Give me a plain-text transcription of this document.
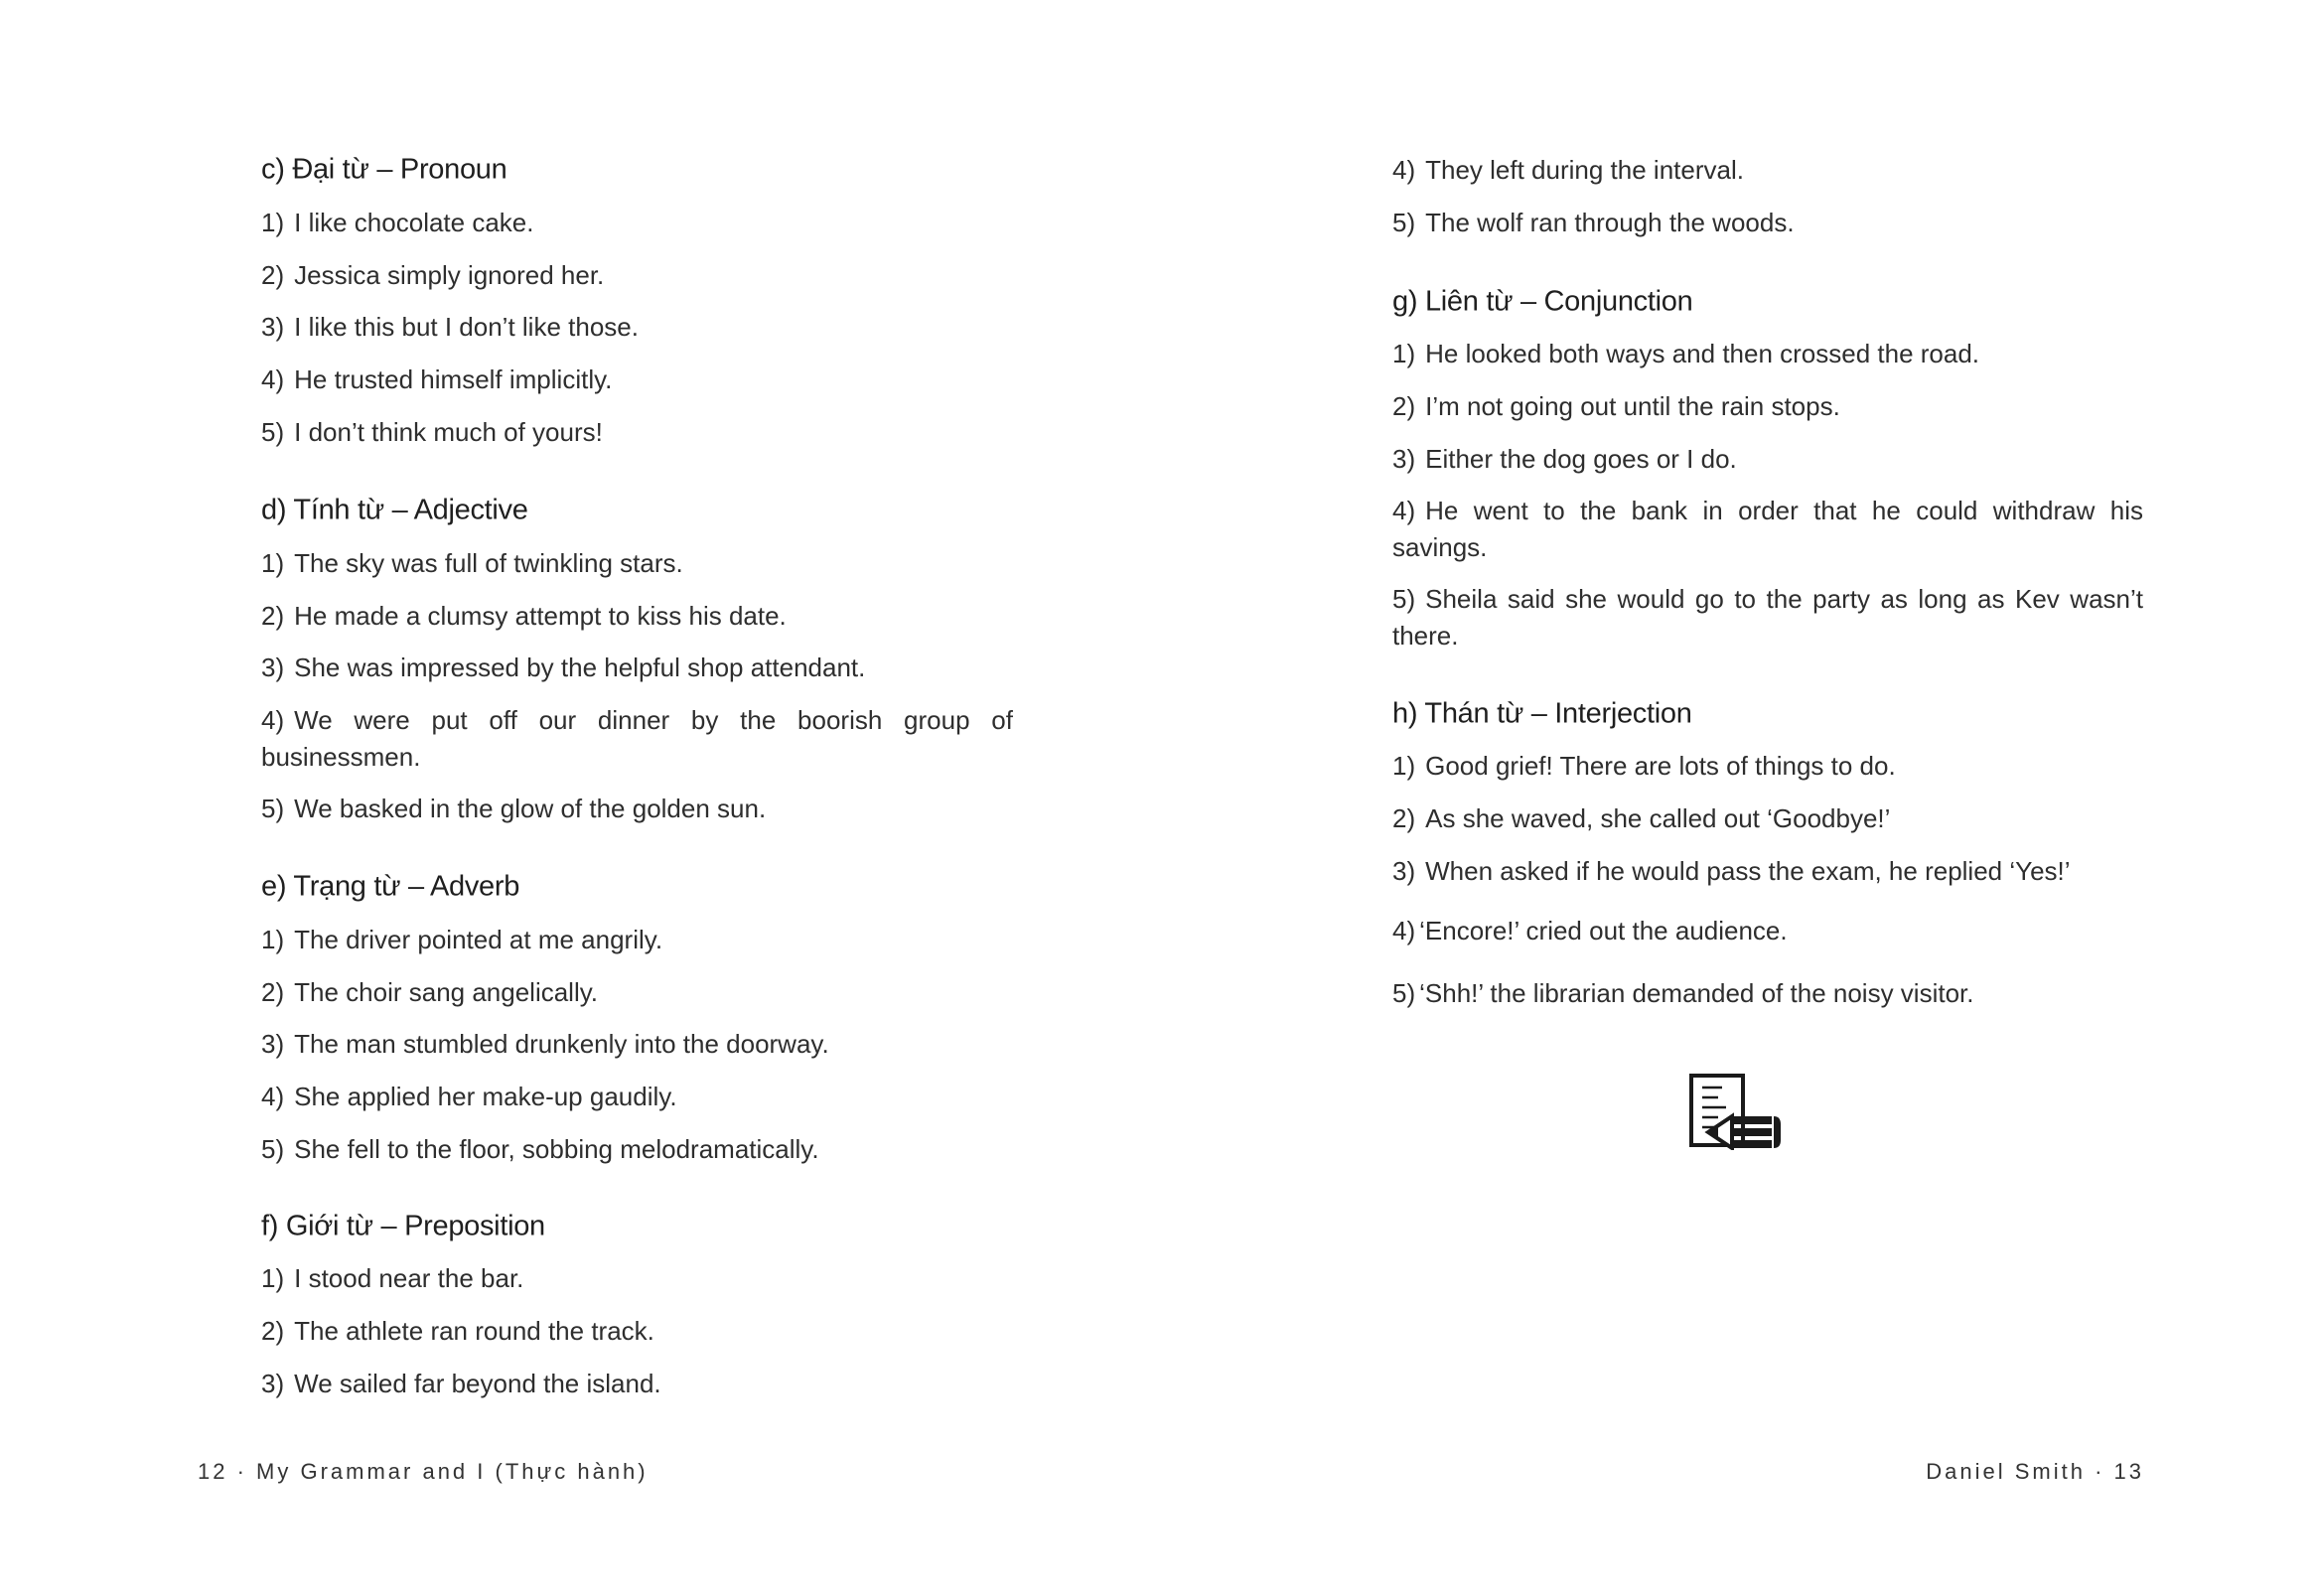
c) Đại từ – Pronoun
1) I like chocolate cake.
2) Jessica simply ignored her.
3) I like this but I don’t like those.
4) He trusted himself implicitly.
5) I don’t think much of yours!
d) Tính từ – Adjective
1) The sky was full of twinkling stars.
2) He made a clumsy attempt to kiss his date.
3) She was impressed by the helpful shop attendant.
4) We were put off our dinner by the boorish group of businessmen.
5) We basked in the glow of the golden sun.
e) Trạng từ – Adverb
1) The driver pointed at me angrily.
2) The choir sang angelically.
3) The man stumbled drunkenly into the doorway.
4) She applied her make-up gaudily.
5) She fell to the floor, sobbing melodramatically.
f) Giới từ – Preposition
1) I stood near the bar.
2) The athlete ran round the track.
3) We sailed far beyond the island.
4) They left during the interval.
5) The wolf ran through the woods.
g) Liên từ – Conjunction
1) He looked both ways and then crossed the road.
2) I’m not going out until the rain stops.
3) Either the dog goes or I do.
4) He went to the bank in order that he could withdraw his savings.
5) Sheila said she would go to the party as long as Kev wasn’t there.
h) Thán từ – Interjection
1) Good grief! There are lots of things to do.
2) As she waved, she called out ‘Goodbye!’
3) When asked if he would pass the exam, he replied ‘Yes!’
4) ‘Encore!’ cried out the audience.
5) ‘Shh!’ the librarian demanded of the noisy visitor.
12 · My Grammar and I (Thực hành)	Daniel Smith · 13
